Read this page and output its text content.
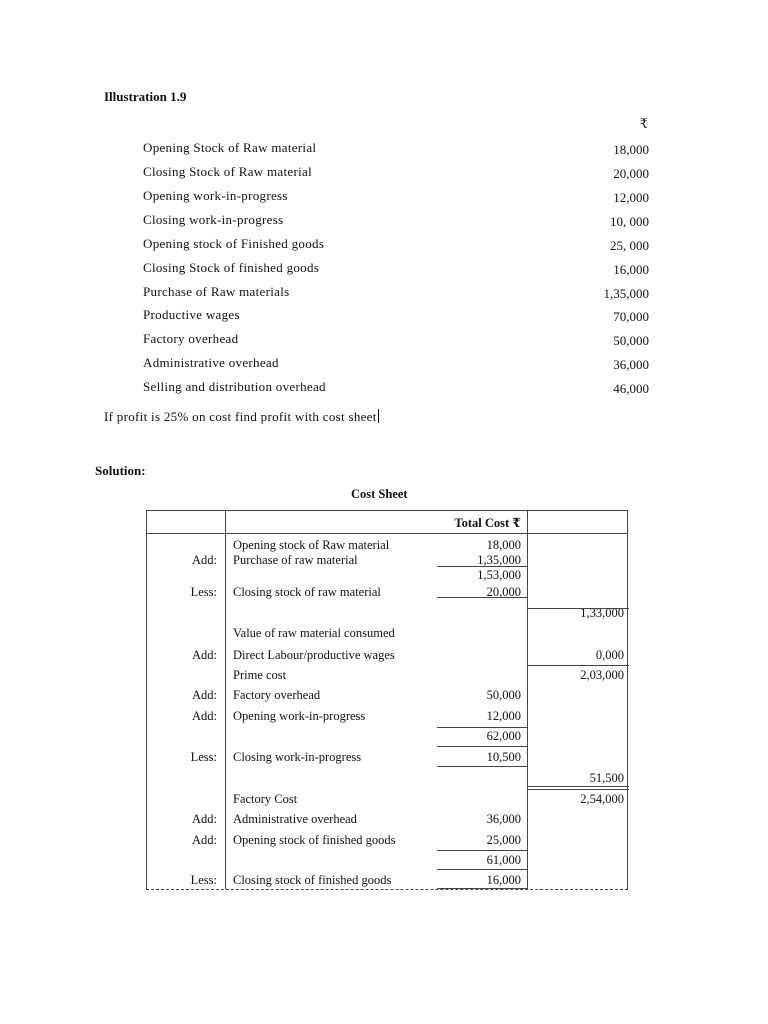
Illustration 1.9
₹
Opening Stock of Raw material	18,000
Closing Stock of Raw material	20,000
Opening work-in-progress	12,000
Closing work-in-progress	10, 000
Opening stock of Finished goods	25, 000
Closing Stock of finished goods	16,000
Purchase of Raw materials	1,35,000
Productive wages	70,000
Factory overhead	50,000
Administrative overhead	36,000
Selling and distribution overhead	46,000
If profit is 25% on cost find profit with cost sheet
Solution:
Cost Sheet
Total Cost ₹
Opening stock of Raw material	18,000
Add: Purchase of raw material	1,35,000
1,53,000
Less: Closing stock of raw material	20,000
1,33,000
Value of raw material consumed
Add: Direct Labour/productive wages	0,000
Prime cost	2,03,000
Add: Factory overhead	50,000
Add: Opening work-in-progress	12,000
62,000
Less: Closing work-in-progress	10,500
51,500
Factory Cost	2,54,000
Add: Administrative overhead	36,000
Add: Opening stock of finished goods	25,000
61,000
Less: Closing stock of finished goods	16,000
